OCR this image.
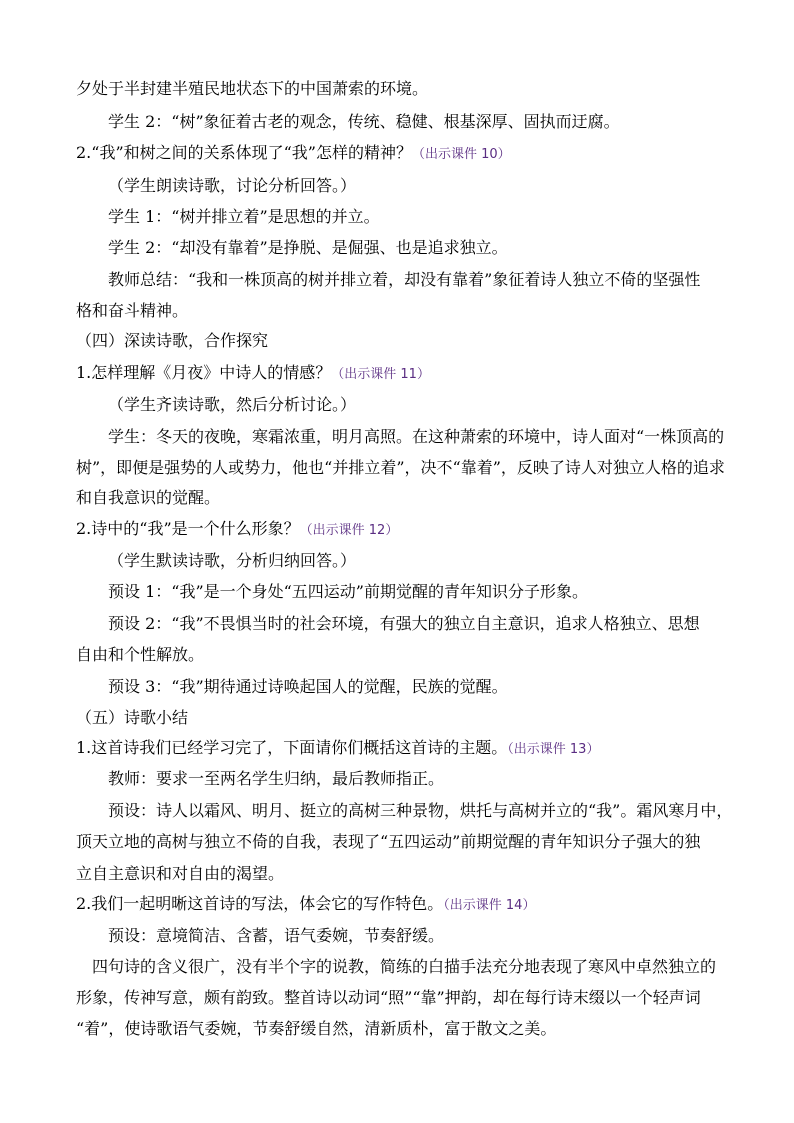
夕处于半封建半殖民地状态下的中国萧索的环境。
学生 2：“树”象征着古老的观念，传统、稳健、根基深厚、固执而迂腐。
2.“我”和树之间的关系体现了“我”怎样的精神？（出示课件 10）
（学生朗读诗歌，讨论分析回答。）
学生 1：“树并排立着”是思想的并立。
学生 2：“却没有靠着”是挣脱、是倔强、也是追求独立。
教师总结：“我和一株顶高的树并排立着，却没有靠着”象征着诗人独立不倚的坚强性
格和奋斗精神。
（四）深读诗歌，合作探究
1.怎样理解《月夜》中诗人的情感？（出示课件 11）
（学生齐读诗歌，然后分析讨论。）
学生：冬天的夜晚，寒霜浓重，明月高照。在这种萧索的环境中，诗人面对“一株顶高的
树”，即便是强势的人或势力，他也“并排立着”，决不“靠着”，反映了诗人对独立人格的追求
和自我意识的觉醒。
2.诗中的“我”是一个什么形象？（出示课件 12）
（学生默读诗歌，分析归纳回答。）
预设 1：“我”是一个身处“五四运动”前期觉醒的青年知识分子形象。
预设 2：“我”不畏惧当时的社会环境，有强大的独立自主意识，追求人格独立、思想
自由和个性解放。
预设 3：“我”期待通过诗唤起国人的觉醒，民族的觉醒。
（五）诗歌小结
1.这首诗我们已经学习完了，下面请你们概括这首诗的主题。（出示课件 13）
教师：要求一至两名学生归纳，最后教师指正。
预设：诗人以霜风、明月、挺立的高树三种景物，烘托与高树并立的“我”。霜风寒月中，
顶天立地的高树与独立不倚的自我，表现了“五四运动”前期觉醒的青年知识分子强大的独
立自主意识和对自由的渴望。
2.我们一起明晰这首诗的写法，体会它的写作特色。（出示课件 14）
预设：意境简洁、含蓄，语气委婉，节奏舒缓。
四句诗的含义很广，没有半个字的说教，简练的白描手法充分地表现了寒风中卓然独立的
形象，传神写意，颇有韵致。整首诗以动词“照”“靠”押韵，却在每行诗末缀以一个轻声词
“着”，使诗歌语气委婉，节奏舒缓自然，清新质朴，富于散文之美。
